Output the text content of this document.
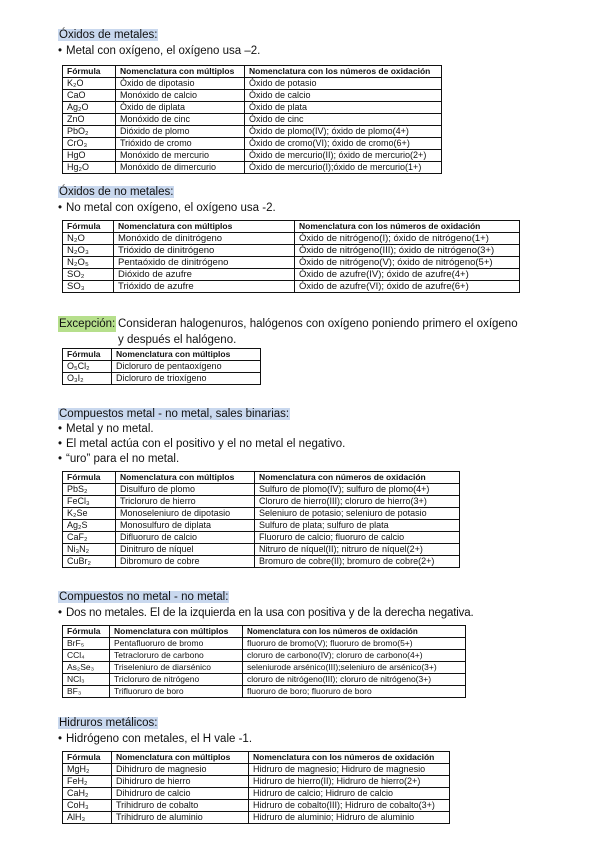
Óxidos de metales:

• Metal con oxígeno, el oxígeno usa –2.

Fórmula	Nomenclatura con múltiplos	Nomenclatura con los números de oxidación
K₂O	Óxido de dipotasio	Óxido de potasio
CaO	Monóxido de calcio	Óxido de calcio
Ag₂O	Óxido de diplata	Óxido de plata
ZnO	Monóxido de cinc	Óxido de cinc
PbO₂	Dióxido de plomo	Óxido de plomo(IV); óxido de plomo(4+)
CrO₃	Trióxido de cromo	Óxido de cromo(VI); óxido de cromo(6+)
HgO	Monóxido de mercurio	Óxido de mercurio(II); óxido de mercurio(2+)
Hg₂O	Monóxido de dimercurio	Óxido de mercurio(I);óxido de mercurio(1+)

Óxidos de no metales:

• No metal con oxígeno, el oxígeno usa -2.

Fórmula	Nomenclatura con múltiplos	Nomenclatura con los números de oxidación
N₂O	Monóxido de dinitrógeno	Óxido de nitrógeno(I); óxido de nitrógeno(1+)
N₂O₃	Trióxido de dinitrógeno	Óxido de nitrógeno(III); óxido de nitrógeno(3+)
N₂O₅	Pentaóxido de dinitrógeno	Óxido de nitrógeno(V); óxido de nitrógeno(5+)
SO₂	Dióxido de azufre	Óxido de azufre(IV); óxido de azufre(4+)
SO₃	Trióxido de azufre	Óxido de azufre(VI); óxido de azufre(6+)
Excepción: Consideran halogenuros, halógenos con oxígeno poniendo primero el oxígeno y después el halógeno.
Fórmula	Nomenclatura con múltiplos
O₅Cl₂	Dicloruro de pentaoxígeno
O₃I₂	Dicloruro de trioxígeno

Compuestos metal - no metal, sales binarias:

• Metal y no metal.

• El metal actúa con el positivo y el no metal el negativo.

• “uro” para el no metal.

Fórmula	Nomenclatura con múltiplos	Nomenclatura con números de oxidación
PbS₂	Disulfuro de plomo	Sulfuro de plomo(IV); sulfuro de plomo(4+)
FeCl₃	Tricloruro de hierro	Cloruro de hierro(III); cloruro de hierro(3+)
K₂Se	Monoseleniuro de dipotasio	Seleniuro de potasio; seleniuro de potasio
Ag₂S	Monosulfuro de diplata	Sulfuro de plata; sulfuro de plata
CaF₂	Difluoruro de calcio	Fluoruro de calcio; fluoruro de calcio
Ni₃N₂	Dinitruro de níquel	Nitruro de níquel(II); nitruro de níquel(2+)
CuBr₂	Dibromuro de cobre	Bromuro de cobre(II); bromuro de cobre(2+)

Compuestos no metal - no metal:

• Dos no metales. El de la izquierda en la usa con positiva y de la derecha negativa.

Fórmula	Nomenclatura con múltiplos	Nomenclatura con los números de oxidación
BrF₅	Pentafluoruro de bromo	fluoruro de bromo(V); fluoruro de bromo(5+)
CCl₄	Tetracloruro de carbono	cloruro de carbono(IV); cloruro de carbono(4+)
As₂Se₃	Triseleniuro de diarsénico	seleniurode arsénico(III);seleniuro de arsénico(3+)
NCl₃	Tricloruro de nitrógeno	cloruro de nitrógeno(III); cloruro de nitrógeno(3+)
BF₃	Trifluoruro de boro	fluoruro de boro; fluoruro de boro

Hidruros metálicos:

• Hidrógeno con metales, el H vale -1.

Fórmula	Nomenclatura con múltiplos	Nomenclatura con los números de oxidación
MgH₂	Dihidruro de magnesio	Hidruro de magnesio; Hidruro de magnesio
FeH₂	Dihidruro de hierro	Hidruro de hierro(II); Hidruro de hierro(2+)
CaH₂	Dihidruro de calcio	Hidruro de calcio; Hidruro de calcio
CoH₃	Trihidruro de cobalto	Hidruro de cobalto(III); Hidruro de cobalto(3+)
AlH₃	Trihidruro de aluminio	Hidruro de aluminio; Hidruro de aluminio
